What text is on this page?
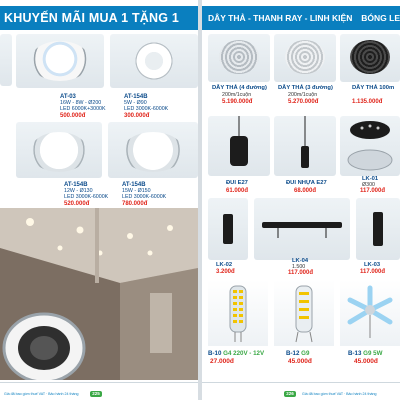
KHUYẾN MÃI MUA 1 TẶNG 1
AT-03
16W - 8W - Ø200
LED 6000K+3000K
500.000đ
AT-154B
5W - Ø90
LED 3000K-6000K
300.000đ
AT-154B
12W - Ø130
LED 3000K-6000K
520.000đ
AT-154B
15W - Ø150
LED 3000K-6000K
780.000đ
Giá đã bao gồm thuế VAT · Bảo hành 24 tháng	225
DÂY THẢ - THANH RAY - LINH KIỆN BÓNG LE
DÂY THẢ (4 đường)
200m/1cuộn
5.190.000đ
DÂY THẢ (3 đường)
200m/1cuộn
5.270.000đ
DÂY THẢ 100m
1.135.000đ
ĐUI E27
61.000đ
ĐUI NHỰA E27
68.000đ
LK-01
Ø300
117.000đ
LK-02
3.200đ
LK-04
1.500
117.000đ
LK-03
117.000đ
B-10 G4 220V - 12V
27.000đ
B-12 G9
45.000đ
B-13 G9 5W
45.000đ
226	Giá đã bao gồm thuế VAT · Bảo hành 24 tháng
